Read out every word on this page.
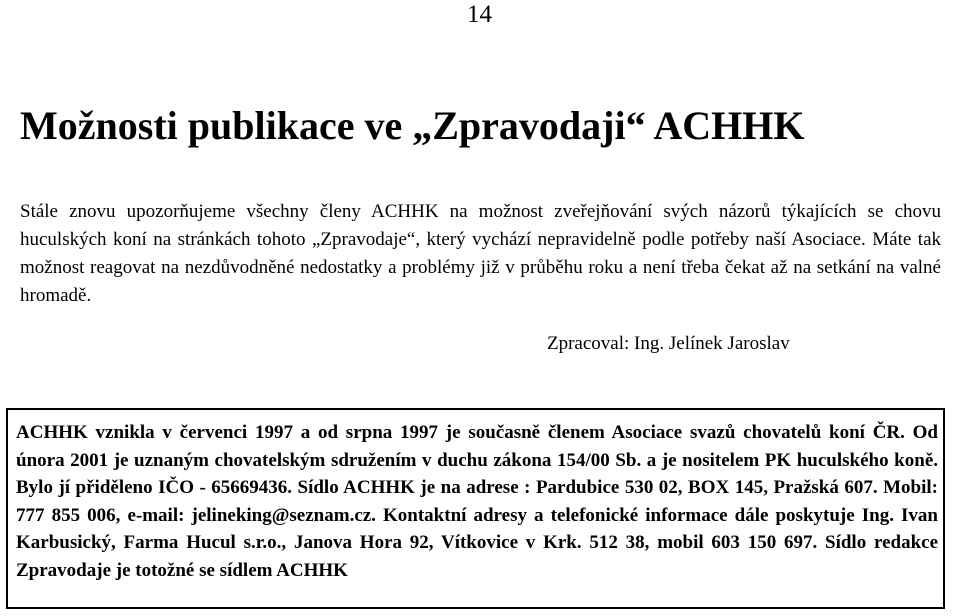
14
Možnosti publikace ve „Zpravodaji“ ACHHK

Stále znovu upozorňujeme všechny členy ACHHK na možnost zveřejňování svých názorů týkajících se chovu huculských koní na stránkách tohoto „Zpravodaje“, který vychází nepravidelně podle potřeby naší Asociace. Máte tak možnost reagovat na nezdůvodněné nedostatky a problémy již v průběhu roku a není třeba čekat až na setkání na valné hromadě.

Zpracoval: Ing. Jelínek Jaroslav

ACHHK vznikla v červenci 1997 a od srpna 1997 je současně členem Asociace svazů chovatelů koní ČR. Od února 2001 je uznaným chovatelským sdružením v duchu zákona 154/00 Sb. a je nositelem PK huculského koně. Bylo jí přiděleno IČO - 65669436. Sídlo ACHHK je na adrese : Pardubice 530 02, BOX 145, Pražská 607. Mobil: 777 855 006, e-mail: jelineking@seznam.cz. Kontaktní adresy a telefonické informace dále poskytuje Ing. Ivan Karbusický, Farma Hucul s.r.o., Janova Hora 92, Vítkovice v Krk. 512 38, mobil 603 150 697. Sídlo redakce Zpravodaje je totožné se sídlem ACHHK
